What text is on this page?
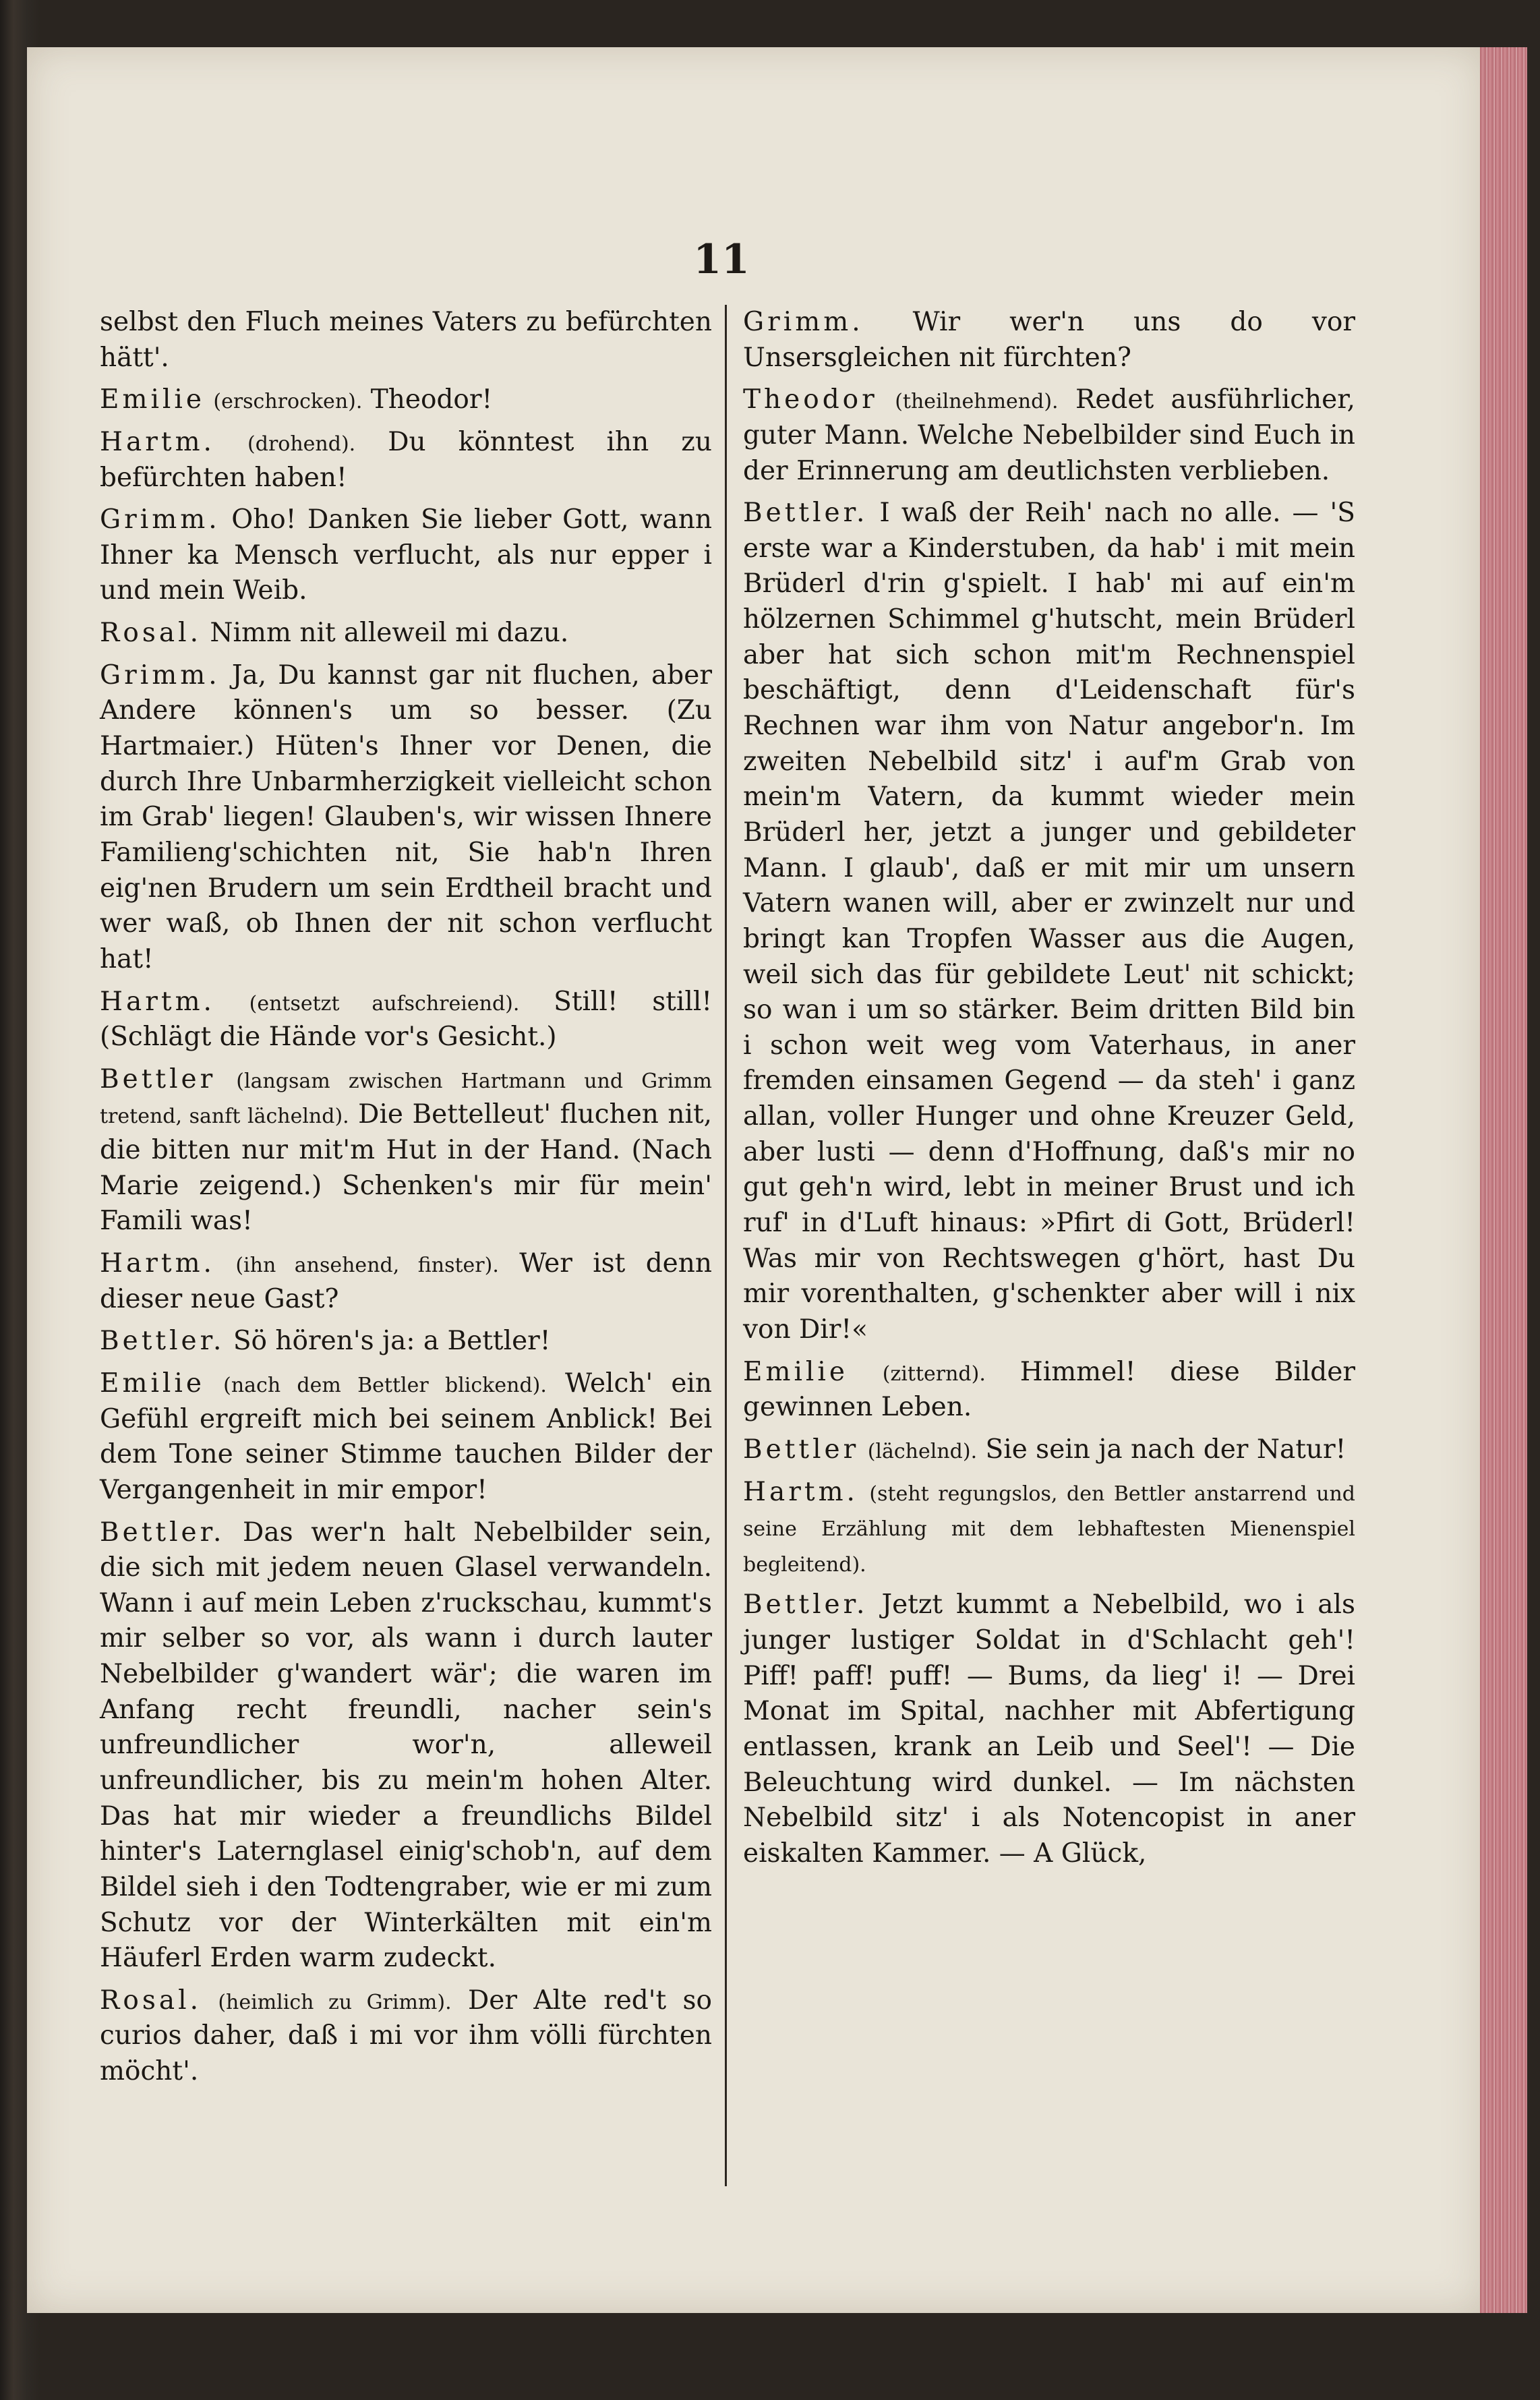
11

selbst den Fluch meines Vaters zu befürchten hätt'.

Emilie (erschrocken). Theodor!

Hartm. (drohend). Du könntest ihn zu befürchten haben!

Grimm. Oho! Danken Sie lieber Gott, wann Ihner ka Mensch verflucht, als nur epper i und mein Weib.

Rosal. Nimm nit alleweil mi dazu.

Grimm. Ja, Du kannst gar nit fluchen, aber Andere können's um so besser. (Zu Hartmaier.) Hüten's Ihner vor Denen, die durch Ihre Unbarmherzigkeit vielleicht schon im Grab' liegen! Glauben's, wir wissen Ihnere Familieng'schichten nit, Sie hab'n Ihren eig'nen Brudern um sein Erdtheil bracht und wer waß, ob Ihnen der nit schon verflucht hat!

Hartm. (entsetzt aufschreiend). Still! still! (Schlägt die Hände vor's Gesicht.)

Bettler (langsam zwischen Hartmann und Grimm tretend, sanft lächelnd). Die Bettelleut' fluchen nit, die bitten nur mit'm Hut in der Hand. (Nach Marie zeigend.) Schenken's mir für mein' Famili was!

Hartm. (ihn ansehend, finster). Wer ist denn dieser neue Gast?

Bettler. Sö hören's ja: a Bettler!

Emilie (nach dem Bettler blickend). Welch' ein Gefühl ergreift mich bei seinem Anblick! Bei dem Tone seiner Stimme tauchen Bilder der Vergangenheit in mir empor!

Bettler. Das wer'n halt Nebelbilder sein, die sich mit jedem neuen Glasel verwandeln. Wann i auf mein Leben z'ruckschau, kummt's mir selber so vor, als wann i durch lauter Nebelbilder g'wandert wär'; die waren im Anfang recht freundli, nacher sein's unfreundlicher wor'n, alleweil unfreundlicher, bis zu mein'm hohen Alter. Das hat mir wieder a freundlichs Bildel hinter's Laternglasel einig'schob'n, auf dem Bildel sieh i den Todtengraber, wie er mi zum Schutz vor der Winterkälten mit ein'm Häuferl Erden warm zudeckt.

Rosal. (heimlich zu Grimm). Der Alte red't so curios daher, daß i mi vor ihm völli fürchten möcht'.

Grimm. Wir wer'n uns do vor Unsersgleichen nit fürchten?

Theodor (theilnehmend). Redet ausführlicher, guter Mann. Welche Nebelbilder sind Euch in der Erinnerung am deutlichsten verblieben.

Bettler. I waß der Reih' nach no alle. — 'S erste war a Kinderstuben, da hab' i mit mein Brüderl d'rin g'spielt. I hab' mi auf ein'm hölzernen Schimmel g'hutscht, mein Brüderl aber hat sich schon mit'm Rechnenspiel beschäftigt, denn d'Leidenschaft für's Rechnen war ihm von Natur angebor'n. Im zweiten Nebelbild sitz' i auf'm Grab von mein'm Vatern, da kummt wieder mein Brüderl her, jetzt a junger und gebildeter Mann. I glaub', daß er mit mir um unsern Vatern wanen will, aber er zwinzelt nur und bringt kan Tropfen Wasser aus die Augen, weil sich das für gebildete Leut' nit schickt; so wan i um so stärker. Beim dritten Bild bin i schon weit weg vom Vaterhaus, in aner fremden einsamen Gegend — da steh' i ganz allan, voller Hunger und ohne Kreuzer Geld, aber lusti — denn d'Hoffnung, daß's mir no gut geh'n wird, lebt in meiner Brust und ich ruf' in d'Luft hinaus: »Pfirt di Gott, Brüderl! Was mir von Rechtswegen g'hört, hast Du mir vorenthalten, g'schenkter aber will i nix von Dir!«

Emilie (zitternd). Himmel! diese Bilder gewinnen Leben.

Bettler (lächelnd). Sie sein ja nach der Natur!

Hartm. (steht regungslos, den Bettler anstarrend und seine Erzählung mit dem lebhaftesten Mienenspiel begleitend).

Bettler. Jetzt kummt a Nebelbild, wo i als junger lustiger Soldat in d'Schlacht geh'! Piff! paff! puff! — Bums, da lieg' i! — Drei Monat im Spital, nachher mit Abfertigung entlassen, krank an Leib und Seel'! — Die Beleuchtung wird dunkel. — Im nächsten Nebelbild sitz' i als Notencopist in aner eiskalten Kammer. — A Glück,
